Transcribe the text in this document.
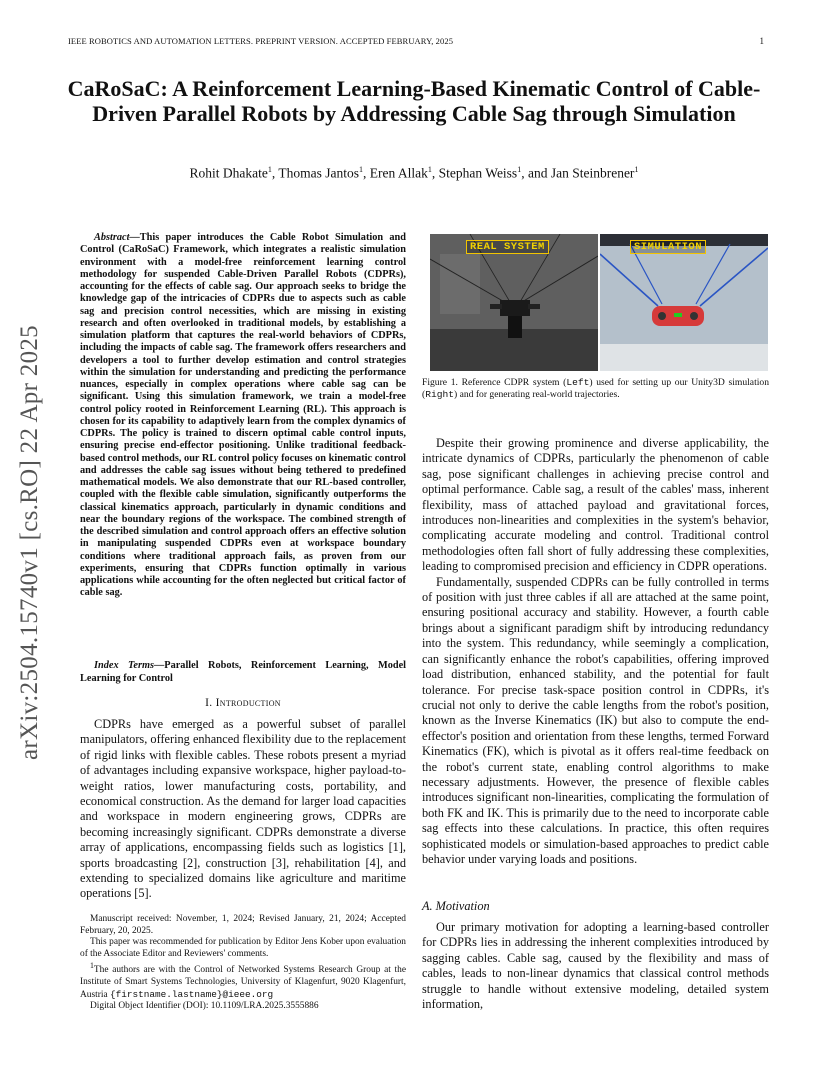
IEEE ROBOTICS AND AUTOMATION LETTERS. PREPRINT VERSION. ACCEPTED FEBRUARY, 2025	1
arXiv:2504.15740v1 [cs.RO] 22 Apr 2025
CaRoSaC: A Reinforcement Learning-Based Kinematic Control of Cable-Driven Parallel Robots by Addressing Cable Sag through Simulation
Rohit Dhakate$^1$, Thomas Jantos$^1$, Eren Allak$^1$, Stephan Weiss$^1$, and Jan Steinbrener$^1$

Abstract—This paper introduces the Cable Robot Simulation and Control (CaRoSaC) Framework, which integrates a realistic simulation environment with a model-free reinforcement learning control methodology for suspended Cable-Driven Parallel Robots (CDPRs), accounting for the effects of cable sag. Our approach seeks to bridge the knowledge gap of the intricacies of CDPRs due to aspects such as cable sag and precision control necessities, which are missing in existing research and often overlooked in traditional models, by establishing a simulation platform that captures the real-world behaviors of CDPRs, including the impacts of cable sag. The framework offers researchers and developers a tool to further develop estimation and control strategies within the simulation for understanding and predicting the performance nuances, especially in complex operations where cable sag can be significant. Using this simulation framework, we train a model-free control policy rooted in Reinforcement Learning (RL). This approach is chosen for its capability to adaptively learn from the complex dynamics of CDPRs. The policy is trained to discern optimal cable control inputs, ensuring precise end-effector positioning. Unlike traditional feedback-based control methods, our RL control policy focuses on kinematic control and addresses the cable sag issues without being tethered to predefined mathematical models. We also demonstrate that our RL-based controller, coupled with the flexible cable simulation, significantly outperforms the classical kinematics approach, particularly in dynamic conditions and near the boundary regions of the workspace. The combined strength of the described simulation and control approach offers an effective solution in manipulating suspended CDPRs even at workspace boundary conditions where traditional approach fails, as proven from our experiments, ensuring that CDPRs function optimally in various applications while accounting for the often neglected but critical factor of cable sag.

Index Terms—Parallel Robots, Reinforcement Learning, Model Learning for Control

I. Introduction

CDPRs have emerged as a powerful subset of parallel manipulators, offering enhanced flexibility due to the replacement of rigid links with flexible cables. These robots present a myriad of advantages including expansive workspace, higher payload-to-weight ratios, lower manufacturing costs, portability, and economical construction. As the demand for larger load capacities and workspace in modern engineering grows, CDPRs are becoming increasingly significant. CDPRs demonstrate a diverse array of applications, encompassing fields such as logistics [1], sports broadcasting [2], construction [3], rehabilitation [4], and extending to specialized domains like agriculture and maritime operations [5].

Manuscript received: November, 1, 2024; Revised January, 21, 2024; Accepted February, 20, 2025.

This paper was recommended for publication by Editor Jens Kober upon evaluation of the Associate Editor and Reviewers' comments.

$^1$The authors are with the Control of Networked Systems Research Group at the Institute of Smart Systems Technologies, University of Klagenfurt, 9020 Klagenfurt, Austria {firstname.lastname}@ieee.org

Digital Object Identifier (DOI): 10.1109/LRA.2025.3555886

REAL SYSTEM	SIMULATION

Figure 1. Reference CDPR system (Left) used for setting up our Unity3D simulation (Right) and for generating real-world trajectories.

Despite their growing prominence and diverse applicability, the intricate dynamics of CDPRs, particularly the phenomenon of cable sag, pose significant challenges in achieving precise control and optimal performance. Cable sag, a result of the cables' mass, inherent flexibility, mass of attached payload and gravitational forces, introduces non-linearities and complexities in the system's behavior, complicating accurate modeling and control. Traditional control methodologies often fall short of fully addressing these complexities, leading to compromised precision and efficiency in CDPR operations.

Fundamentally, suspended CDPRs can be fully controlled in terms of position with just three cables if all are attached at the same point, ensuring positional accuracy and stability. However, a fourth cable brings about a significant paradigm shift by introducing redundancy into the system. This redundancy, while seemingly a complication, can significantly enhance the robot's capabilities, offering improved load distribution, enhanced stability, and the potential for fault tolerance. For precise task-space position control in CDPRs, it's crucial not only to derive the cable lengths from the robot's position, known as the Inverse Kinematics (IK) but also to compute the end-effector's position and orientation from these lengths, termed Forward Kinematics (FK), which is pivotal as it offers real-time feedback on the robot's current state, enabling control algorithms to make necessary adjustments. However, the presence of flexible cables introduces significant non-linearities, complicating the formulation of both FK and IK. This is primarily due to the need to incorporate cable sag effects into these calculations. In practice, this often requires sophisticated models or simulation-based approaches to predict cable behavior under varying loads and positions.

A. Motivation

Our primary motivation for adopting a learning-based controller for CDPRs lies in addressing the inherent complexities introduced by sagging cables. Cable sag, caused by the flexibility and mass of cables, leads to non-linear dynamics that classical control methods struggle to handle without extensive modeling, detailed system information,
